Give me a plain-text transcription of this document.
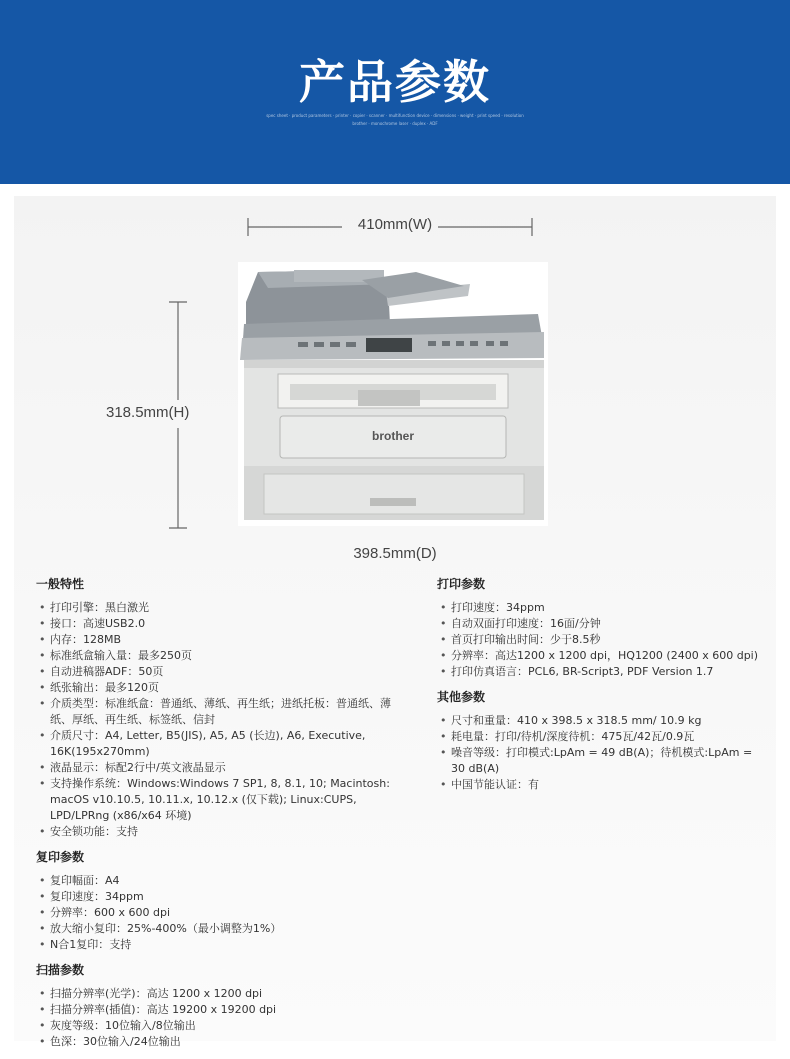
产品参数
spec sheet · product parameters · printer · copier · scanner · multifunction device · dimensions · weight · print speed · resolution
brother · monochrome laser · duplex · ADF
410mm(W)
318.5mm(H)
brother
398.5mm(D)
一般特性
• 打印引擎：黑白激光
• 接口：高速USB2.0
• 内存：128MB
• 标准纸盒输入量：最多250页
• 自动进稿器ADF：50页
• 纸张输出：最多120页
• 介质类型：标准纸盒：普通纸、薄纸、再生纸；进纸托板：普通纸、薄纸、厚纸、再生纸、标签纸、信封
• 介质尺寸：A4, Letter, B5(JIS), A5, A5 (长边), A6, Executive, 16K(195x270mm)
• 液晶显示：标配2行中/英文液晶显示
• 支持操作系统：Windows:Windows 7 SP1, 8, 8.1, 10; Macintosh: macOS v10.10.5, 10.11.x, 10.12.x (仅下载); Linux:CUPS, LPD/LPRng (x86/x64 环境)
• 安全锁功能：支持
复印参数
• 复印幅面：A4
• 复印速度：34ppm
• 分辨率：600 x 600 dpi
• 放大缩小复印：25%-400%（最小调整为1%）
• N合1复印：支持
扫描参数
• 扫描分辨率(光学)：高达 1200 x 1200 dpi
• 扫描分辨率(插值)：高达 19200 x 19200 dpi
• 灰度等级：10位输入/8位输出
• 色深：30位输入/24位输出
打印参数
• 打印速度：34ppm
• 自动双面打印速度：16面/分钟
• 首页打印输出时间：少于8.5秒
• 分辨率：高达1200 x 1200 dpi，HQ1200 (2400 x 600 dpi)
• 打印仿真语言：PCL6, BR-Script3, PDF Version 1.7
其他参数
• 尺寸和重量：410 x 398.5 x 318.5 mm/ 10.9 kg
• 耗电量：打印/待机/深度待机：475瓦/42瓦/0.9瓦
• 噪音等级：打印模式:LpAm = 49 dB(A)；待机模式:LpAm = 30 dB(A)
• 中国节能认证：有
